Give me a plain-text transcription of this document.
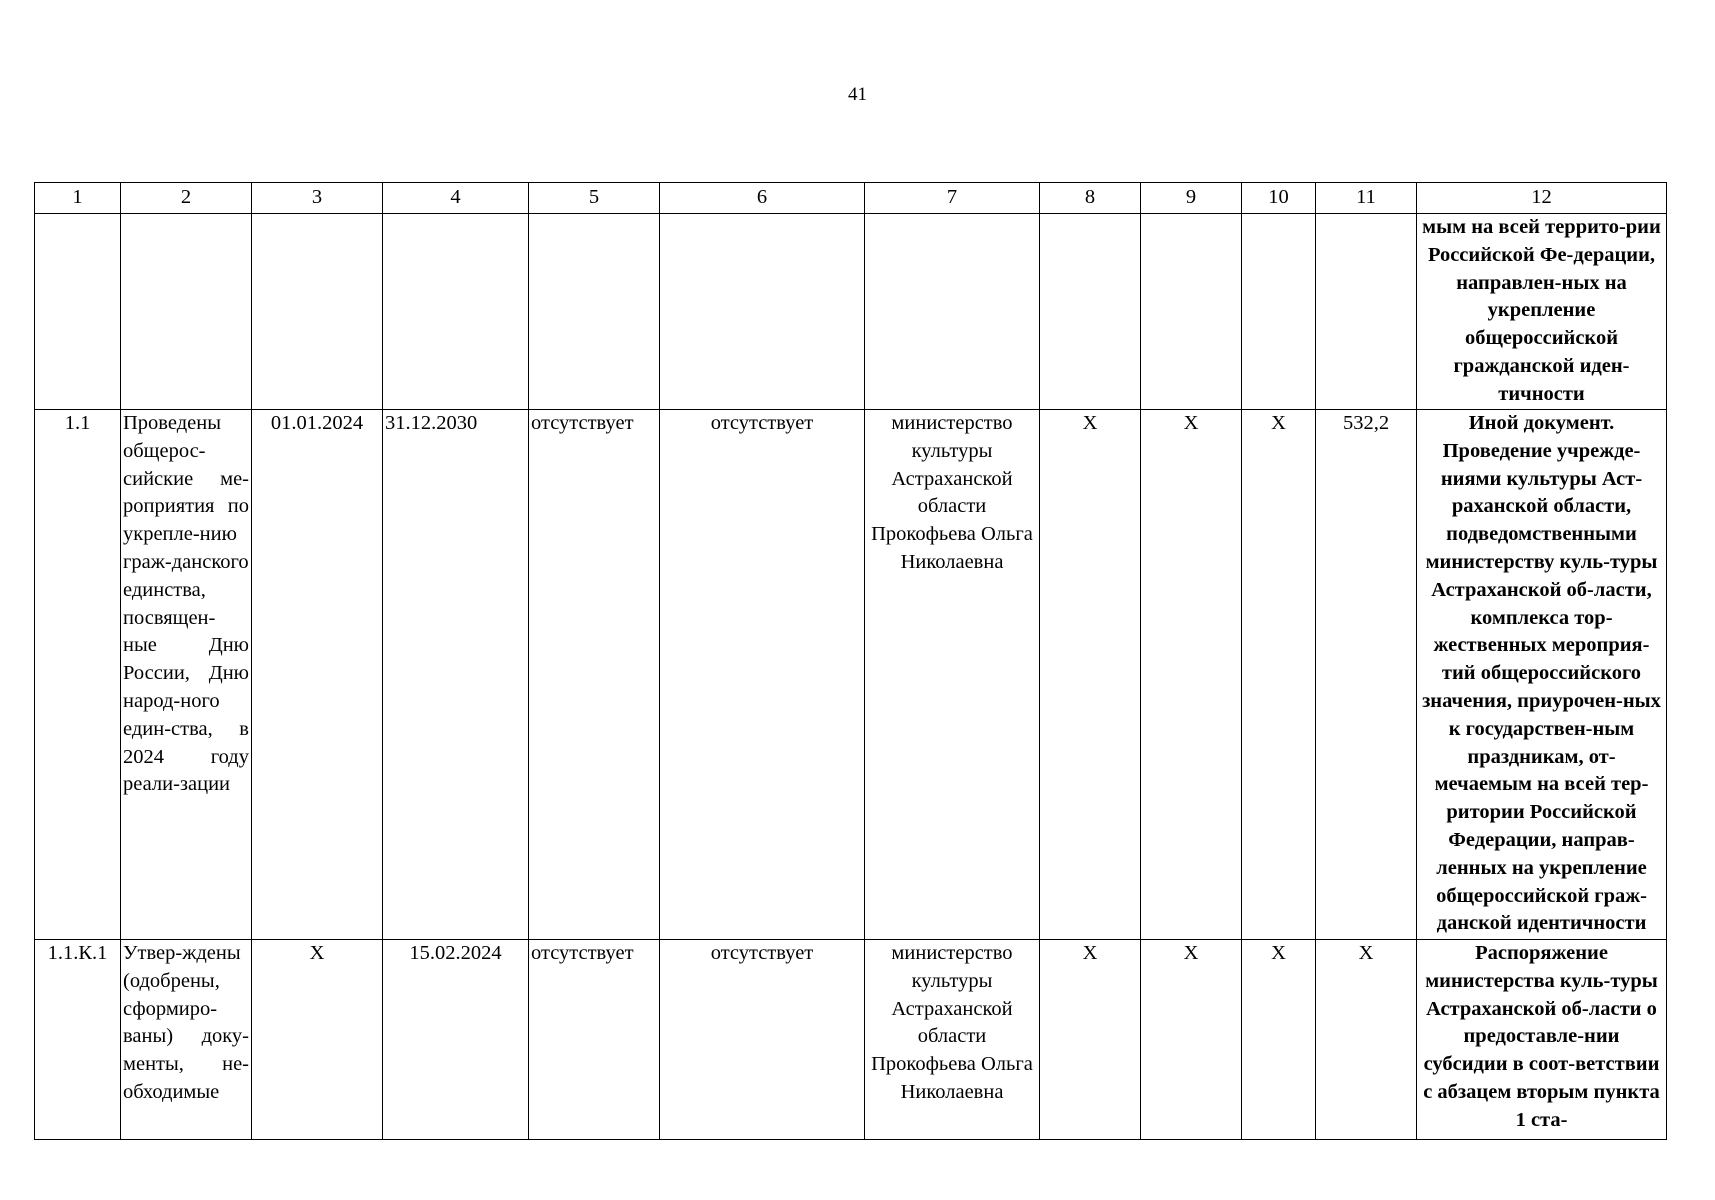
41
1	2	3	4	5	6	7	8	9	10	11	12
											мым на всей террито-рии Российской Фе-дерации, направлен-ных на укрепление общероссийской гражданской иден-тичности
1.1	Проведены общерос-сийские ме-роприятия по укрепле-нию граж-данского единства, посвящен-ные Дню России, Дню народ-ного един-ства, в 2024 году реали-зации	01.01.2024	31.12.2030	отсутствует	отсутствует	министерство культуры Астраханской области Прокофьева Ольга Николаевна	X	X	X	532,2	Иной документ. Проведение учрежде-ниями культуры Аст-раханской области, подведомственными министерству куль-туры Астраханской об-ласти, комплекса тор-жественных мероприя-тий общероссийского значения, приурочен-ных к государствен-ным праздникам, от-мечаемым на всей тер-ритории Российской Федерации, направ-ленных на укрепление общероссийской граж-данской идентичности
1.1.К.1	Утвер-ждены (одобрены, сформиро-ваны) доку-менты, не-обходимые	X	15.02.2024	отсутствует	отсутствует	министерство культуры Астраханской области Прокофьева Ольга Николаевна	X	X	X	X	Распоряжение министерства куль-туры Астраханской об-ласти о предоставле-нии субсидии в соот-ветствии с абзацем вторым пункта 1 ста-
